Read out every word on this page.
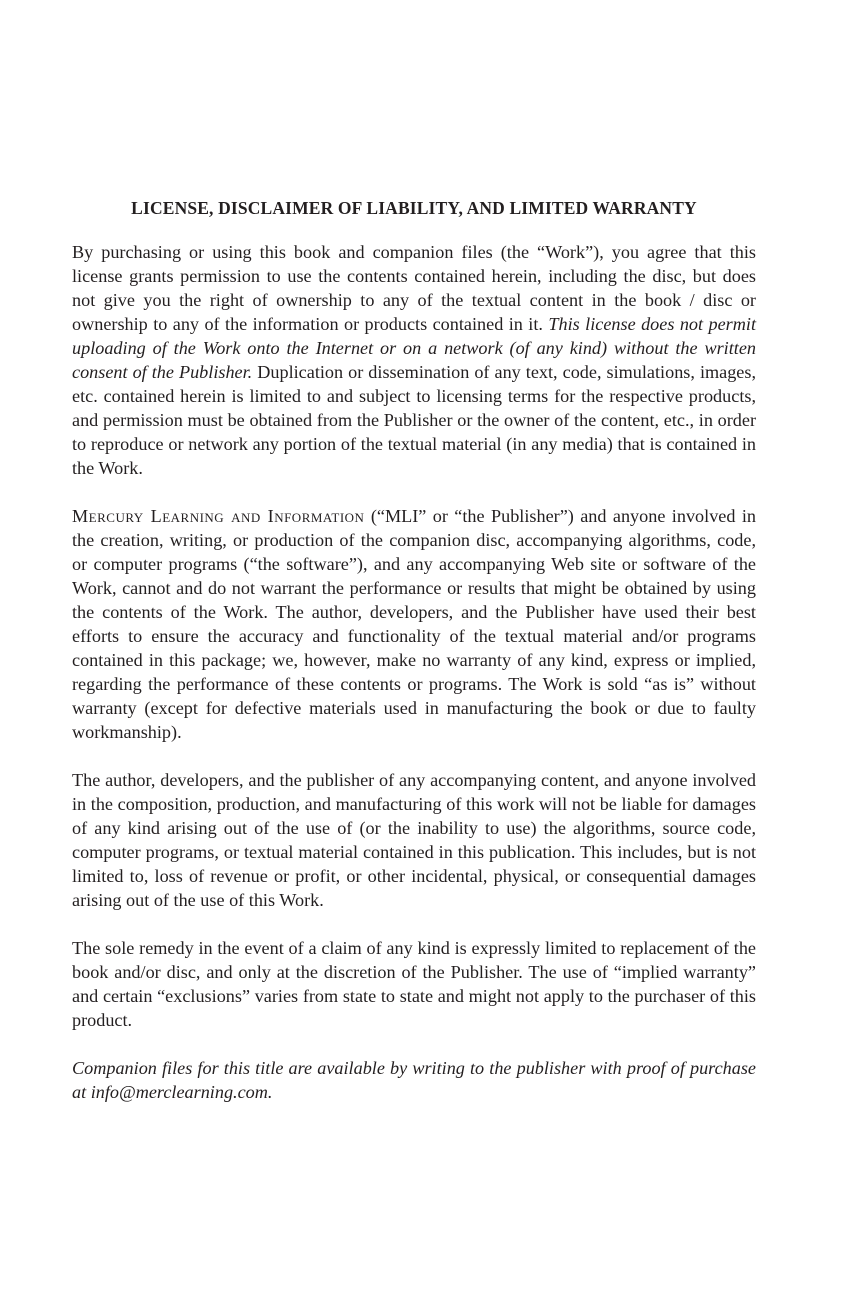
LICENSE, DISCLAIMER OF LIABILITY, AND LIMITED WARRANTY

By purchasing or using this book and companion files (the “Work”), you agree that this license grants permission to use the contents contained herein, including the disc, but does not give you the right of ownership to any of the textual content in the book / disc or ownership to any of the information or products contained in it. This license does not permit uploading of the Work onto the Internet or on a network (of any kind) without the written consent of the Publisher. Duplication or dissemination of any text, code, simulations, images, etc. contained herein is limited to and subject to licensing terms for the respective products, and permission must be obtained from the Publisher or the owner of the content, etc., in order to reproduce or network any portion of the textual material (in any media) that is contained in the Work.

Mercury Learning and Information (“MLI” or “the Publisher”) and anyone involved in the creation, writing, or production of the companion disc, accompanying algorithms, code, or computer programs (“the software”), and any accompanying Web site or software of the Work, cannot and do not warrant the performance or results that might be obtained by using the contents of the Work. The author, developers, and the Publisher have used their best efforts to ensure the accuracy and functionality of the textual material and/or programs contained in this package; we, however, make no warranty of any kind, express or implied, regarding the performance of these contents or programs. The Work is sold “as is” without warranty (except for defective materials used in manufacturing the book or due to faulty workmanship).

The author, developers, and the publisher of any accompanying content, and anyone involved in the composition, production, and manufacturing of this work will not be liable for damages of any kind arising out of the use of (or the inability to use) the algorithms, source code, computer programs, or textual material contained in this publication. This includes, but is not limited to, loss of revenue or profit, or other incidental, physical, or consequential damages arising out of the use of this Work.

The sole remedy in the event of a claim of any kind is expressly limited to replacement of the book and/or disc, and only at the discretion of the Publisher. The use of “implied warranty” and certain “exclusions” varies from state to state and might not apply to the purchaser of this product.

Companion files for this title are available by writing to the publisher with proof of purchase at info@merclearning.com.
